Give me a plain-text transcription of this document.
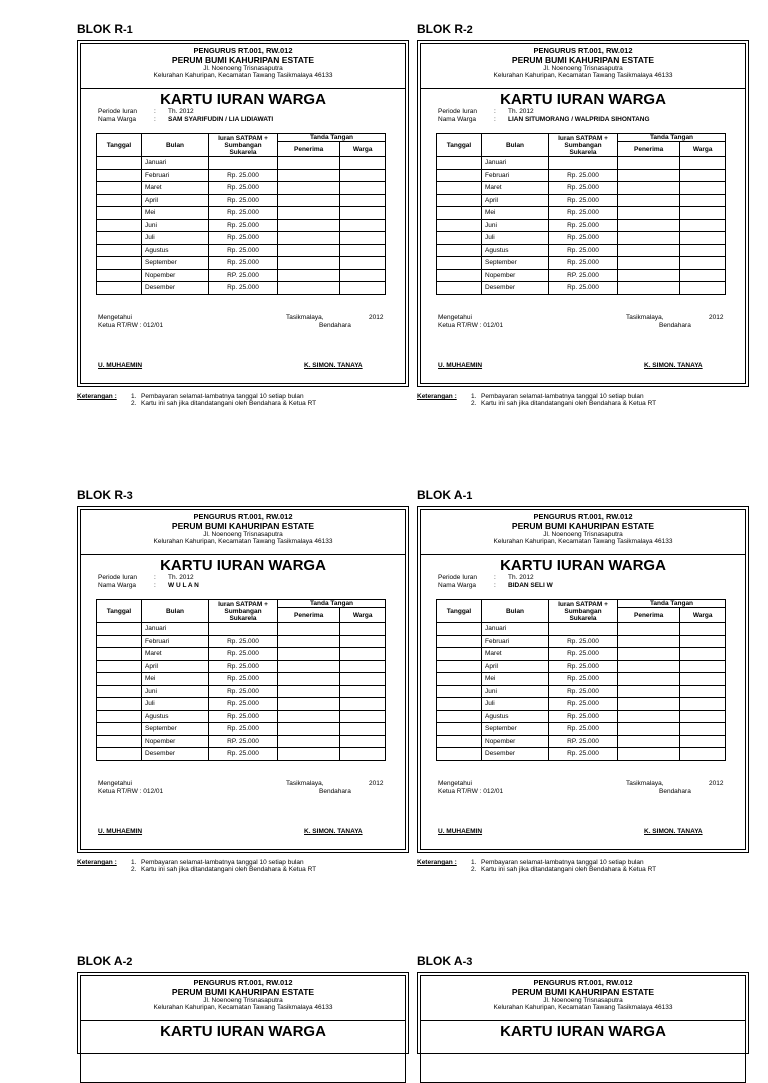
BLOK R-1
PENGURUS RT.001, RW.012
PERUM BUMI KAHURIPAN ESTATE
Jl. Noenoeng Trisnasaputra
Kelurahan Kahuripan, Kecamatan Tawang Tasikmalaya 46133
KARTU IURAN WARGA
Periode Iuran	: Th. 2012
Nama Warga	: SAM SYARIFUDIN / LIA LIDIAWATI
Tanggal	Bulan	Iuran SATPAM + Sumbangan Sukarela	Tanda Tangan	
			Penerima	Warga
	Januari			
	Februari	Rp. 25.000		
	Maret	Rp. 25.000		
	April	Rp. 25.000		
	Mei	Rp. 25.000		
	Juni	Rp. 25.000		
	Juli	Rp. 25.000		
	Agustus	Rp. 25.000		
	September	Rp. 25.000		
	Nopember	RP. 25.000		
	Desember	Rp. 25.000		
Mengetahui
Ketua RT/RW : 012/01
Tasikmalaya,	2012
Bendahara
U. MUHAEMIN	K. SIMON. TANAYA
Keterangan : 1. Pembayaran selamat-lambatnya tanggal 10 setiap bulan
2. Kartu ini sah jika ditandatangani oleh Bendahara & Ketua RT
BLOK R-2
PENGURUS RT.001, RW.012
PERUM BUMI KAHURIPAN ESTATE
Jl. Noenoeng Trisnasaputra
Kelurahan Kahuripan, Kecamatan Tawang Tasikmalaya 46133
KARTU IURAN WARGA
Periode Iuran	: Th. 2012
Nama Warga	: LIAN SITUMORANG / WALPRIDA SIHONTANG
Tanggal	Bulan	Iuran SATPAM + Sumbangan Sukarela	Tanda Tangan	
			Penerima	Warga
	Januari			
	Februari	Rp. 25.000		
	Maret	Rp. 25.000		
	April	Rp. 25.000		
	Mei	Rp. 25.000		
	Juni	Rp. 25.000		
	Juli	Rp. 25.000		
	Agustus	Rp. 25.000		
	September	Rp. 25.000		
	Nopember	RP. 25.000		
	Desember	Rp. 25.000		
Mengetahui
Ketua RT/RW : 012/01
Tasikmalaya,	2012
Bendahara
U. MUHAEMIN	K. SIMON. TANAYA
Keterangan : 1. Pembayaran selamat-lambatnya tanggal 10 setiap bulan
2. Kartu ini sah jika ditandatangani oleh Bendahara & Ketua RT
BLOK R-3
PENGURUS RT.001, RW.012
PERUM BUMI KAHURIPAN ESTATE
Jl. Noenoeng Trisnasaputra
Kelurahan Kahuripan, Kecamatan Tawang Tasikmalaya 46133
KARTU IURAN WARGA
Periode Iuran	: Th. 2012
Nama Warga	: W U L A N
Tanggal	Bulan	Iuran SATPAM + Sumbangan Sukarela	Tanda Tangan	
			Penerima	Warga
	Januari			
	Februari	Rp. 25.000		
	Maret	Rp. 25.000		
	April	Rp. 25.000		
	Mei	Rp. 25.000		
	Juni	Rp. 25.000		
	Juli	Rp. 25.000		
	Agustus	Rp. 25.000		
	September	Rp. 25.000		
	Nopember	RP. 25.000		
	Desember	Rp. 25.000		
Mengetahui
Ketua RT/RW : 012/01
Tasikmalaya,	2012
Bendahara
U. MUHAEMIN	K. SIMON. TANAYA
Keterangan : 1. Pembayaran selamat-lambatnya tanggal 10 setiap bulan
2. Kartu ini sah jika ditandatangani oleh Bendahara & Ketua RT
BLOK A-1
PENGURUS RT.001, RW.012
PERUM BUMI KAHURIPAN ESTATE
Jl. Noenoeng Trisnasaputra
Kelurahan Kahuripan, Kecamatan Tawang Tasikmalaya 46133
KARTU IURAN WARGA
Periode Iuran	: Th. 2012
Nama Warga	: BIDAN SELI W
Tanggal	Bulan	Iuran SATPAM + Sumbangan Sukarela	Tanda Tangan	
			Penerima	Warga
	Januari			
	Februari	Rp. 25.000		
	Maret	Rp. 25.000		
	April	Rp. 25.000		
	Mei	Rp. 25.000		
	Juni	Rp. 25.000		
	Juli	Rp. 25.000		
	Agustus	Rp. 25.000		
	September	Rp. 25.000		
	Nopember	RP. 25.000		
	Desember	Rp. 25.000		
Mengetahui
Ketua RT/RW : 012/01
Tasikmalaya,	2012
Bendahara
U. MUHAEMIN	K. SIMON. TANAYA
Keterangan : 1. Pembayaran selamat-lambatnya tanggal 10 setiap bulan
2. Kartu ini sah jika ditandatangani oleh Bendahara & Ketua RT
BLOK A-2
PENGURUS RT.001, RW.012
PERUM BUMI KAHURIPAN ESTATE
Jl. Noenoeng Trisnasaputra
Kelurahan Kahuripan, Kecamatan Tawang Tasikmalaya 46133
KARTU IURAN WARGA
BLOK A-3
PENGURUS RT.001, RW.012
PERUM BUMI KAHURIPAN ESTATE
Jl. Noenoeng Trisnasaputra
Kelurahan Kahuripan, Kecamatan Tawang Tasikmalaya 46133
KARTU IURAN WARGA
